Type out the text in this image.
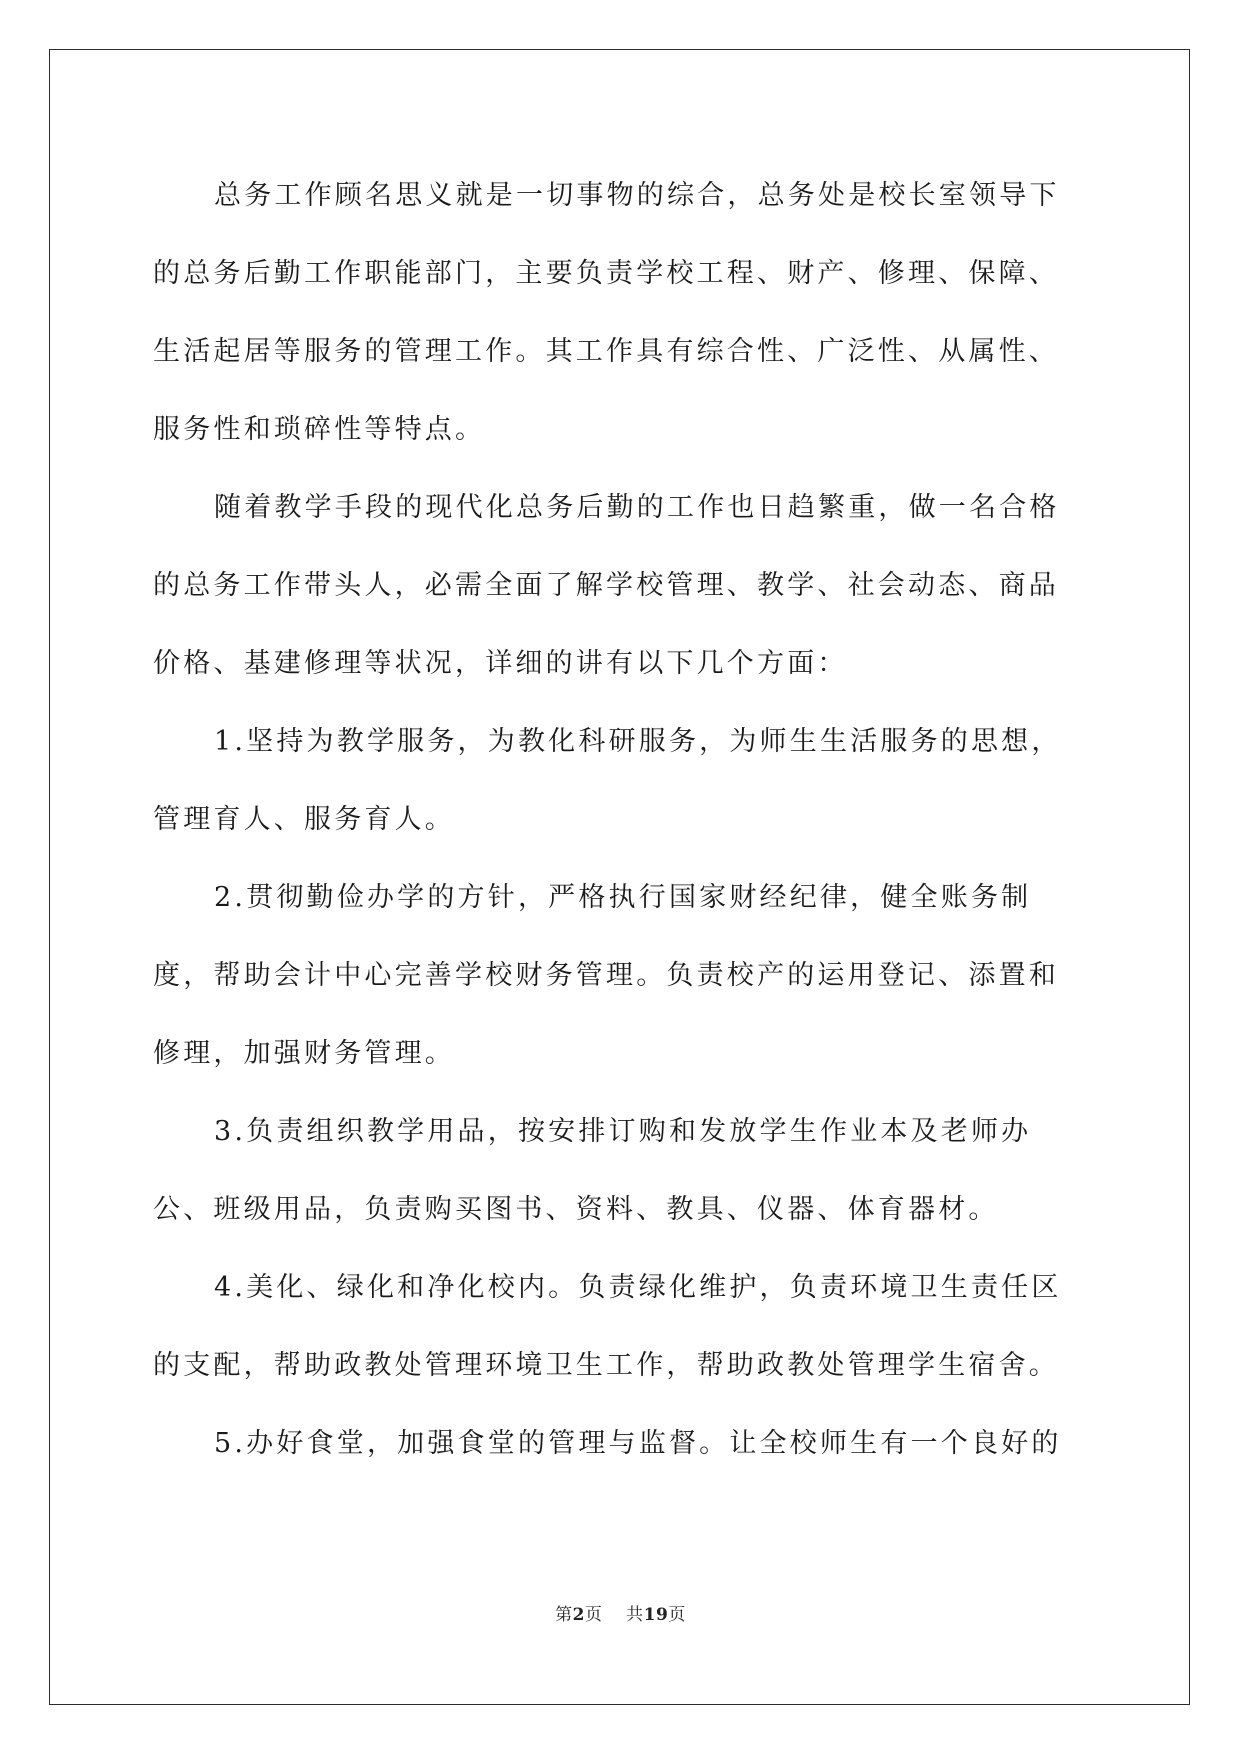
总务工作顾名思义就是一切事物的综合，总务处是校长室领导下的总务后勤工作职能部门，主要负责学校工程、财产、修理、保障、生活起居等服务的管理工作。其工作具有综合性、广泛性、从属性、服务性和琐碎性等特点。

随着教学手段的现代化总务后勤的工作也日趋繁重，做一名合格的总务工作带头人，必需全面了解学校管理、教学、社会动态、商品价格、基建修理等状况，详细的讲有以下几个方面：

1.坚持为教学服务，为教化科研服务，为师生生活服务的思想，管理育人、服务育人。

2.贯彻勤俭办学的方针，严格执行国家财经纪律，健全账务制度，帮助会计中心完善学校财务管理。负责校产的运用登记、添置和修理，加强财务管理。

3.负责组织教学用品，按安排订购和发放学生作业本及老师办公、班级用品，负责购买图书、资料、教具、仪器、体育器材。

4.美化、绿化和净化校内。负责绿化维护，负责环境卫生责任区的支配，帮助政教处管理环境卫生工作，帮助政教处管理学生宿舍。

5.办好食堂，加强食堂的管理与监督。让全校师生有一个良好的

第2页 共19页
